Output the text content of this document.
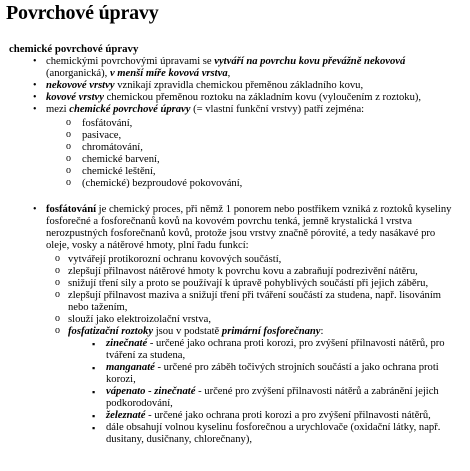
Povrchové úpravy
chemické povrchové úpravy
• chemickými povrchovými úpravami se vytváří na povrchu kovu převážně nekovová (anorganická), v menší míře kovová vrstva,
• nekovové vrstvy vznikají zpravidla chemickou přeměnou základního kovu,
• kovové vrstvy chemickou přeměnou roztoku na základním kovu (vyloučením z roztoku),
• mezi chemické povrchové úpravy (= vlastní funkční vrstvy) patří zejména:
o fosfátování,
o pasivace,
o chromátování,
o chemické barvení,
o chemické leštění,
o (chemické) bezproudové pokovování,
• fosfátování je chemický proces, při němž 1 ponorem nebo postřikem vzniká z roztoků kyseliny fosforečné a fosforečnanů kovů na kovovém povrchu tenká, jemně krystalická l vrstva nerozpustných fosforečnanů kovů, protože jsou vrstvy značně pórovité, a tedy nasákavé pro oleje, vosky a nátěrové hmoty, plní řadu funkcí:
o vytvářejí protikorozní ochranu kovových součástí,
o zlepšují přilnavost nátěrové hmoty k povrchu kovu a zabraňují podrezivění nátěru,
o snižují tření sily a proto se používají k úpravě pohyblivých součástí při jejich záběru,
o zlepšují přilnavost maziva a snižují tření při tváření součástí za studena, např. lisováním nebo tažením,
o slouží jako elektroizolační vrstva,
o fosfatizační roztoky jsou v podstatě primární fosforečnany:
▪ zinečnaté - určené jako ochrana proti korozi, pro zvýšení přilnavosti nátěrů, pro tváření za studena,
▪ manganaté - určené pro záběh točivých strojních součástí a jako ochrana proti korozi,
▪ vápenato - zinečnaté - určené pro zvýšení přilnavosti nátěrů a zabránění jejich podkorodování,
▪ železnaté - určené jako ochrana proti korozi a pro zvýšení přilnavosti nátěrů,
▪ dále obsahují volnou kyselinu fosforečnou a urychlovače (oxidační látky, např. dusitany, dusičnany, chlorečnany),
